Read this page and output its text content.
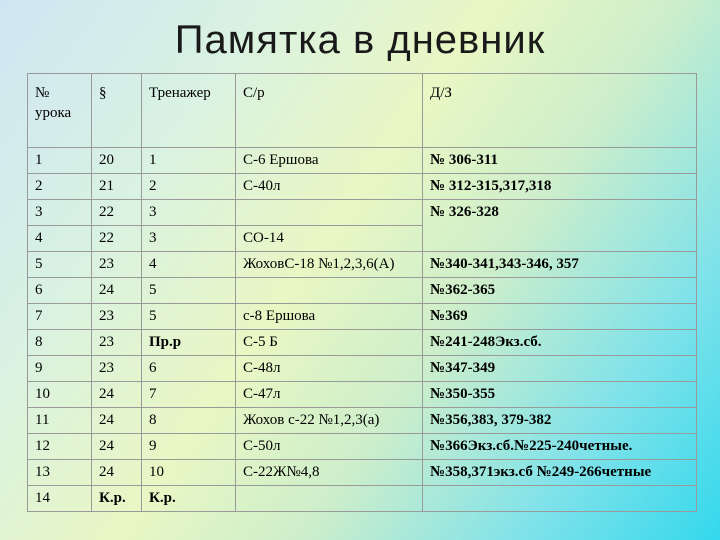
Памятка в дневник
№
урока	§	Тренажер	С/р	Д/З
1	20	1	С-6 Ершова	№ 306-311
2	21	2	С-40л	№ 312-315,317,318
3	22	3		№ 326-328
4	22	3	СО-14	
5	23	4	ЖоховС-18 №1,2,3,6(А)	№340-341,343-346, 357
6	24	5		№362-365
7	23	5	с-8 Ершова	№369
8	23	Пр.р	С-5 Б	№241-248Экз.сб.
9	23	6	С-48л	№347-349
10	24	7	С-47л	№350-355
11	24	8	Жохов с-22 №1,2,3(а)	№356,383, 379-382
12	24	9	С-50л	№366Экз.сб.№225-240четные.
13	24	10	С-22Ж№4,8	№358,371экз.сб №249-266четные
14	К.р.	К.р.		
